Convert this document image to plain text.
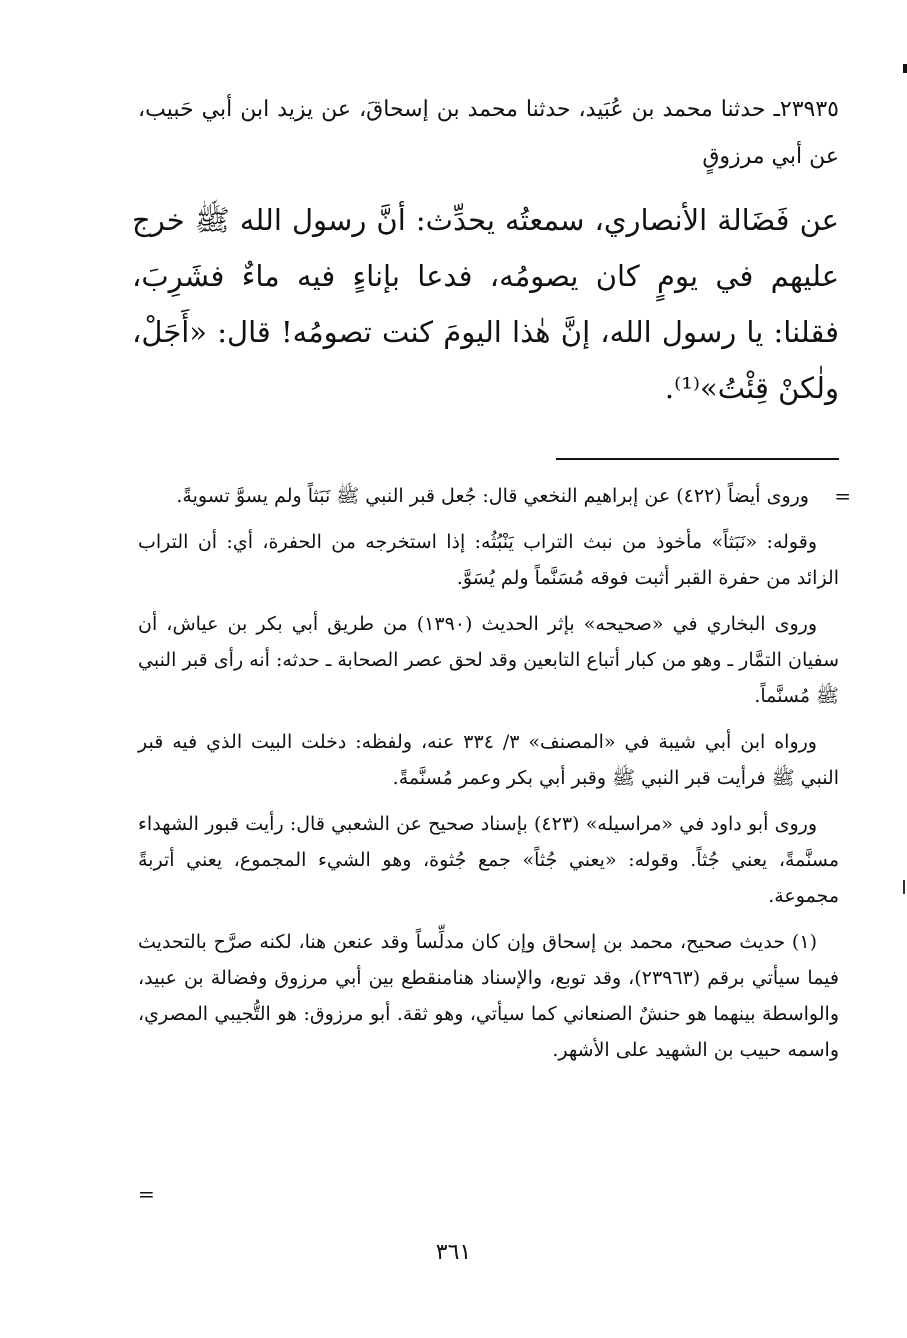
٢٣٩٣٥ـ حدثنا محمد بن عُبَيد، حدثنا محمد بن إسحاقَ، عن يزيد ابن أبي حَبيب، عن أبي مرزوقٍ
عن فَضَالة الأنصاري، سمعتُه يحدِّث: أنَّ رسول الله ﷺ خرج عليهم في يومٍ كان يصومُه، فدعا بإناءٍ فيه ماءٌ فشَرِبَ، فقلنا: يا رسول الله، إنَّ هٰذا اليومَ كنت تصومُه! قال: «أَجَلْ، ولٰكنْ قِئْتُ»⁽¹⁾.
=

وروى أيضاً (٤٢٢) عن إبراهيم النخعي قال: جُعل قبر النبي ﷺ نَبَثاً ولم يسوَّ تسويةً.

وقوله: «نَبَثاً» مأخوذ من نبث التراب يَنْبُثُه: إذا استخرجه من الحفرة، أي: أن التراب الزائد من حفرة القبر أثبت فوقه مُسَنَّماً ولم يُسَوَّ.

وروى البخاري في «صحيحه» بإثر الحديث (١٣٩٠) من طريق أبي بكر بن عياش، أن سفيان التمَّار ـ وهو من كبار أتباع التابعين وقد لحق عصر الصحابة ـ حدثه: أنه رأى قبر النبي ﷺ مُسنَّماً.

ورواه ابن أبي شيبة في «المصنف» ٣/ ٣٣٤ عنه، ولفظه: دخلت البيت الذي فيه قبر النبي ﷺ فرأيت قبر النبي ﷺ وقبر أبي بكر وعمر مُسنَّمةً.

وروى أبو داود في «مراسيله» (٤٢٣) بإسناد صحيح عن الشعبي قال: رأيت قبور الشهداء مسنَّمةً، يعني جُثاً. وقوله: «يعني جُثاً» جمع جُثوة، وهو الشيء المجموع، يعني أتربةً مجموعة.

(١) حديث صحيح، محمد بن إسحاق وإن كان مدلِّساً وقد عنعن هنا، لكنه صرَّح بالتحديث فيما سيأتي برقم (٢٣٩٦٣)، وقد توبع، والإسناد هنامنقطع بين أبي مرزوق وفضالة بن عبيد، والواسطة بينهما هو حنشٌ الصنعاني كما سيأتي، وهو ثقة. أبو مرزوق: هو التُّجيبي المصري، واسمه حبيب بن الشهيد على الأشهر.

=
٣٦١
